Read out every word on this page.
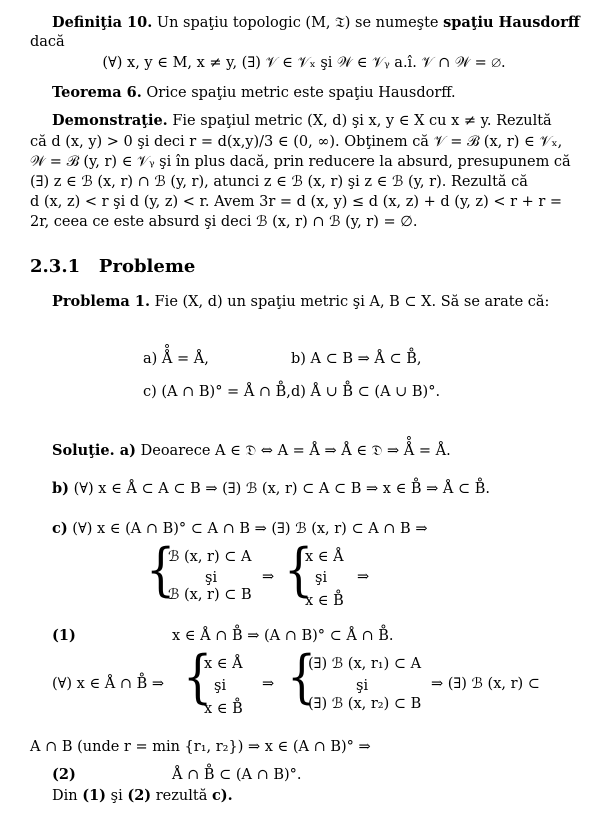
Definiţia 10. Un spaţiu topologic (M, 𝔗) se numeşte spaţiu Hausdorff
dacă
(∀) x, y ∈ M, x ≠ y, (∃) 𝒱 ∈ 𝒱ₓ şi 𝒲 ∈ 𝒱ᵧ a.î. 𝒱 ∩ 𝒲 = ∅.
Teorema 6. Orice spaţiu metric este spaţiu Hausdorff.
Demonstraţie. Fie spaţiul metric (X, d) şi x, y ∈ X cu x ≠ y. Rezultă
că d (x, y) > 0 şi deci r = d(x,y)/3 ∈ (0, ∞). Obţinem că 𝒱 = ℬ (x, r) ∈ 𝒱ₓ,
𝒲 = ℬ (y, r) ∈ 𝒱ᵧ şi în plus dacă, prin reducere la absurd, presupunem că
(∃) z ∈ ℬ (x, r) ∩ ℬ (y, r), atunci z ∈ ℬ (x, r) şi z ∈ ℬ (y, r). Rezultă că
d (x, z) < r şi d (y, z) < r. Avem 3r = d (x, y) ≤ d (x, z) + d (y, z) < r + r =
2r, ceea ce este absurd şi deci ℬ (x, r) ∩ ℬ (y, r) = ∅.
2.3.1 Probleme
Problema 1. Fie (X, d) un spaţiu metric şi A, B ⊂ X. Să se arate că:
a) Å̊ = Å,	b) A ⊂ B ⇒ Å ⊂ B̊,
c) (A ∩ B)° = Å ∩ B̊, d) Å ∪ B̊ ⊂ (A ∪ B)°.
Soluţie. a) Deoarece A ∈ 𝔇 ⇔ A = Å ⇒ Å ∈ 𝔇 ⇒ Å̊ = Å.
b) (∀) x ∈ Å ⊂ A ⊂ B ⇒ (∃) ℬ (x, r) ⊂ A ⊂ B ⇒ x ∈ B̊ ⇒ Å ⊂ B̊.
c) (∀) x ∈ (A ∩ B)° ⊂ A ∩ B ⇒ (∃) ℬ (x, r) ⊂ A ∩ B ⇒
{
ℬ (x, r) ⊂ A
şi
ℬ (x, r) ⊂ B
⇒ {
x ∈ Å
şi
x ∈ B̊
⇒
(1)	x ∈ Å ∩ B̊ ⇒ (A ∩ B)° ⊂ Å ∩ B̊.
(∀) x ∈ Å ∩ B̊ ⇒ {
x ∈ Å
şi
x ∈ B̊
⇒ {
(∃) ℬ (x, r₁) ⊂ A
şi
(∃) ℬ (x, r₂) ⊂ B
⇒ (∃) ℬ (x, r) ⊂
A ∩ B (unde r = min {r₁, r₂}) ⇒ x ∈ (A ∩ B)° ⇒
(2)	Å ∩ B̊ ⊂ (A ∩ B)°.
Din (1) şi (2) rezultă c).
